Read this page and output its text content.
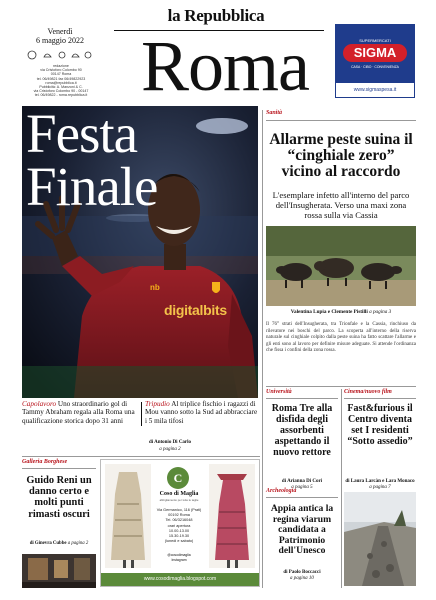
la Repubblica
Venerdì
6 maggio 2022
redazione
via Cristoforo Colombo 90
00147 Roma
tel. 06/49821 fax 06/49822923
roma@repubblica.it
Pubblicità: A. Manzoni & C.
via Cristoforo Colombo 90 - 00147
tel. 06/49822 - roma.repubblica.it Roma	SUPERMERCATI
SIGMA
CASA · CIBO · CONVENIENZA
www.sigmaspesa.it
nb
digitalbits
Festa
Finale
Capolavoro Uno straordinario gol di Tammy Abraham regala alla Roma una qualificazione storica dopo 31 anni
Tripudio Al triplice fischio i ragazzi di Mou vanno sotto la Sud ad abbracciare i 5 mila tifosi
di Antonio Di Carlo
a pagina 2
Sanità
Allarme peste suina il “cinghiale zero” vicino al raccordo
L'esemplare infetto all'interno del parco dell'Insugherata. Verso una maxi zona rossa sulla via Cassia
Valentina Lupia e Clemente Pistilli a pagina 3
Il 76° strati dell'Insugherata, tra Trionfale e la Cassia, rinchiuso da rilevatore nei boschi del parco. La scoperta all'interno della riserva naturale sul cinghiale colpito dalla peste suina ha fatto scattare l'allarme e gli enti sono al lavoro per definire misure adeguate. Si attende l'ordinanza che fissa i confini della zona rossa.
Università
Roma Tre alla disfida degli assorbenti aspettando il nuovo rettore
di Arianna Di Cori
a pagina 5
Cinema/nuovo film
Fast&furious il Centro diventa set I residenti “Sotto assedio”
di Laura Larcàn e Lara Monaco
a pagina 7
Archeologia
Appia antica la regina viarum candidata a Patrimonio dell'Unesco
di Paolo Boccacci
a pagina 10
Galleria Borghese
Guido Reni un danno certo e molti punti rimasti oscuri
di Ginevra Cubbe a pagina 2
C
Coso di Maglia
abbigliamento per tutte le taglie
Via Germanico, 116 (Prati)
00192 Roma
Tel. 06/3216048
orari apertura
10.00-13.00
15.30-19.30
(lunedì e sabato)
@cosodimaglia
Instagram
www.cosodimaglia.blogspot.com
